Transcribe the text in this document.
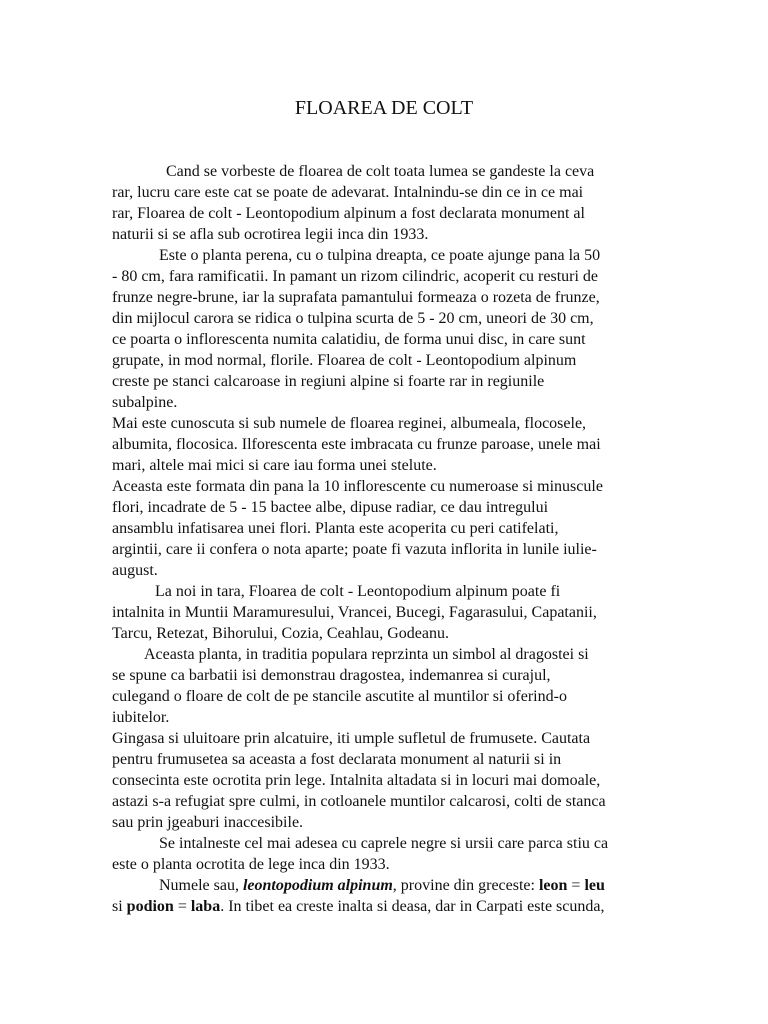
FLOAREA DE COLT
Cand se vorbeste de floarea de colt toata lumea se gandeste la ceva
rar, lucru care este cat se poate de adevarat. Intalnindu-se din ce in ce mai
rar, Floarea de colt - Leontopodium alpinum a fost declarata monument al
naturii si se afla sub ocrotirea legii inca din 1933.
Este o planta perena, cu o tulpina dreapta, ce poate ajunge pana la 50
- 80 cm, fara ramificatii. In pamant un rizom cilindric, acoperit cu resturi de
frunze negre-brune, iar la suprafata pamantului formeaza o rozeta de frunze,
din mijlocul carora se ridica o tulpina scurta de 5 - 20 cm, uneori de 30 cm,
ce poarta o inflorescenta numita calatidiu, de forma unui disc, in care sunt
grupate, in mod normal, florile. Floarea de colt - Leontopodium alpinum
creste pe stanci calcaroase in regiuni alpine si foarte rar in regiunile
subalpine.
Mai este cunoscuta si sub numele de floarea reginei, albumeala, flocosele,
albumita, flocosica. Ilforescenta este imbracata cu frunze paroase, unele mai
mari, altele mai mici si care iau forma unei stelute.
Aceasta este formata din pana la 10 inflorescente cu numeroase si minuscule
flori, incadrate de 5 - 15 bactee albe, dipuse radiar, ce dau intregului
ansamblu infatisarea unei flori. Planta este acoperita cu peri catifelati,
argintii, care ii confera o nota aparte; poate fi vazuta inflorita in lunile iulie-
august.
La noi in tara, Floarea de colt - Leontopodium alpinum poate fi
intalnita in Muntii Maramuresului, Vrancei, Bucegi, Fagarasului, Capatanii,
Tarcu, Retezat, Bihorului, Cozia, Ceahlau, Godeanu.
Aceasta planta, in traditia populara reprzinta un simbol al dragostei si
se spune ca barbatii isi demonstrau dragostea, indemanrea si curajul,
culegand o floare de colt de pe stancile ascutite al muntilor si oferind-o
iubitelor.
Gingasa si uluitoare prin alcatuire, iti umple sufletul de frumusete. Cautata
pentru frumusetea sa aceasta a fost declarata monument al naturii si in
consecinta este ocrotita prin lege. Intalnita altadata si in locuri mai domoale,
astazi s-a refugiat spre culmi, in cotloanele muntilor calcarosi, colti de stanca
sau prin jgeaburi inaccesibile.
Se intalneste cel mai adesea cu caprele negre si ursii care parca stiu ca
este o planta ocrotita de lege inca din 1933.
Numele sau, leontopodium alpinum, provine din greceste: leon = leu
si podion = laba. In tibet ea creste inalta si deasa, dar in Carpati este scunda,
